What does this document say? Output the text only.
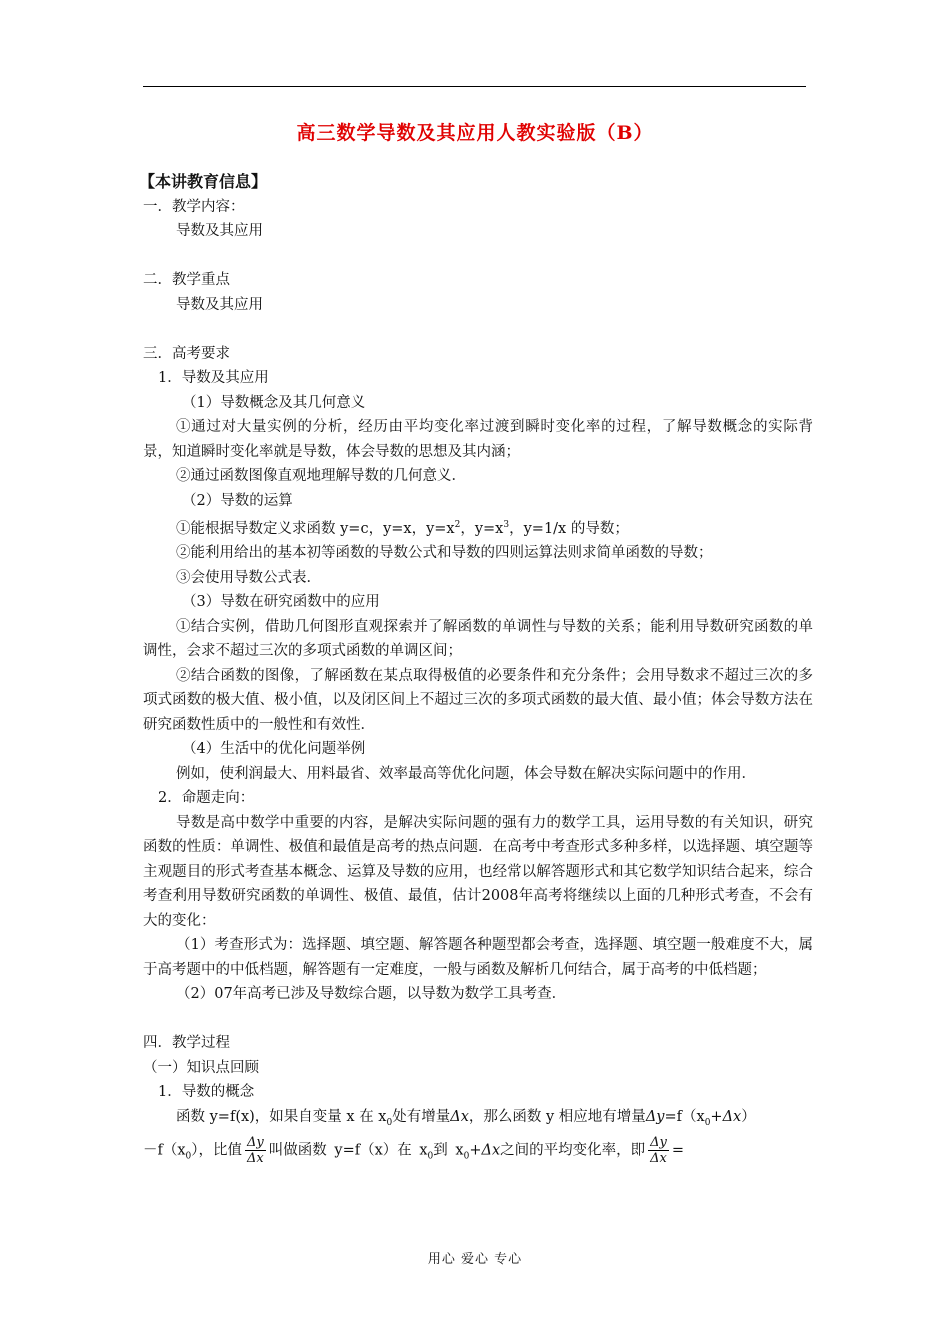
高三数学导数及其应用人教实验版（B）

【本讲教育信息】

一．教学内容：

导数及其应用

二．教学重点

导数及其应用

三．高考要求

1．导数及其应用

（1）导数概念及其几何意义

①通过对大量实例的分析，经历由平均变化率过渡到瞬时变化率的过程，了解导数概念的实际背景，知道瞬时变化率就是导数，体会导数的思想及其内涵；

②通过函数图像直观地理解导数的几何意义．

（2）导数的运算

①能根据导数定义求函数 y=c，y=x，$y=x^2$，$y=x^3$，y=1/x 的导数；

②能利用给出的基本初等函数的导数公式和导数的四则运算法则求简单函数的导数；

③会使用导数公式表．

（3）导数在研究函数中的应用

①结合实例，借助几何图形直观探索并了解函数的单调性与导数的关系；能利用导数研究函数的单调性，会求不超过三次的多项式函数的单调区间；

②结合函数的图像，了解函数在某点取得极值的必要条件和充分条件；会用导数求不超过三次的多项式函数的极大值、极小值，以及闭区间上不超过三次的多项式函数的最大值、最小值；体会导数方法在研究函数性质中的一般性和有效性．

（4）生活中的优化问题举例

例如，使利润最大、用料最省、效率最高等优化问题，体会导数在解决实际问题中的作用．

2．命题走向：

导数是高中数学中重要的内容，是解决实际问题的强有力的数学工具，运用导数的有关知识，研究函数的性质：单调性、极值和最值是高考的热点问题．在高考中考查形式多种多样，以选择题、填空题等主观题目的形式考查基本概念、运算及导数的应用，也经常以解答题形式和其它数学知识结合起来，综合考查利用导数研究函数的单调性、极值、最值，估计2008年高考将继续以上面的几种形式考查，不会有大的变化：

（1）考查形式为：选择题、填空题、解答题各种题型都会考查，选择题、填空题一般难度不大，属于高考题中的中低档题，解答题有一定难度，一般与函数及解析几何结合，属于高考的中低档题；

（2）07年高考已涉及导数综合题，以导数为数学工具考查．

四．教学过程

（一）知识点回顾

1．导数的概念

函数 y=f(x)，如果自变量 x 在 $x_0$处有增量Δx，那么函数 y 相应地有增量$\Delta y=f(x_0+\Delta x)$

$-f(x_0)$，比值 $\frac{\Delta y}{\Delta x}$ 叫做函数 y=f（x）在 $x_0$到 $x_0+\Delta x$之间的平均变化率，即 $\frac{\Delta y}{\Delta x}$ =

用心 爱心 专心
